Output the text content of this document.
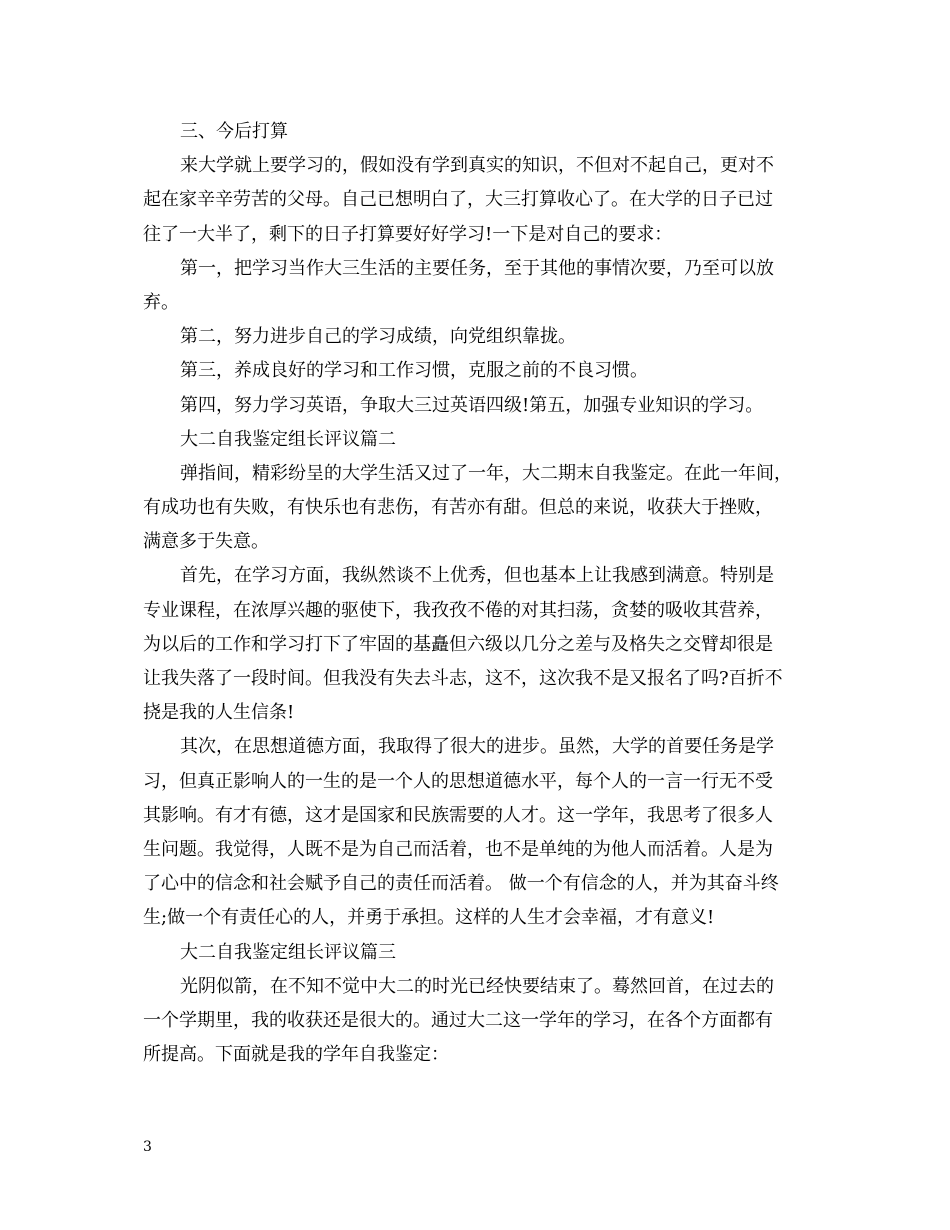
三、今后打算
来大学就上要学习的，假如没有学到真实的知识，不但对不起自己，更对不
起在家辛辛劳苦的父母。自己已想明白了，大三打算收心了。在大学的日子已过
往了一大半了，剩下的日子打算要好好学习!一下是对自己的要求：
第一，把学习当作大三生活的主要任务，至于其他的事情次要，乃至可以放
弃。
第二，努力进步自己的学习成绩，向党组织靠拢。
第三，养成良好的学习和工作习惯，克服之前的不良习惯。
第四，努力学习英语，争取大三过英语四级!第五，加强专业知识的学习。
大二自我鉴定组长评议篇二
弹指间，精彩纷呈的大学生活又过了一年，大二期末自我鉴定。在此一年间，
有成功也有失败，有快乐也有悲伤，有苦亦有甜。但总的来说，收获大于挫败，
满意多于失意。
首先，在学习方面，我纵然谈不上优秀，但也基本上让我感到满意。特别是
专业课程，在浓厚兴趣的驱使下，我孜孜不倦的对其扫荡，贪婪的吸收其营养，
为以后的工作和学习打下了牢固的基矗但六级以几分之差与及格失之交臂却很是
让我失落了一段时间。但我没有失去斗志，这不，这次我不是又报名了吗?百折不
挠是我的人生信条!
其次，在思想道德方面，我取得了很大的进步。虽然，大学的首要任务是学
习，但真正影响人的一生的是一个人的思想道德水平，每个人的一言一行无不受
其影响。有才有德，这才是国家和民族需要的人才。这一学年，我思考了很多人
生问题。我觉得，人既不是为自己而活着，也不是单纯的为他人而活着。人是为
了心中的信念和社会赋予自己的责任而活着。 做一个有信念的人，并为其奋斗终
生;做一个有责任心的人，并勇于承担。这样的人生才会幸福，才有意义!
大二自我鉴定组长评议篇三
光阴似箭，在不知不觉中大二的时光已经快要结束了。蓦然回首，在过去的
一个学期里，我的收获还是很大的。通过大二这一学年的学习，在各个方面都有
所提高。下面就是我的学年自我鉴定：
3
